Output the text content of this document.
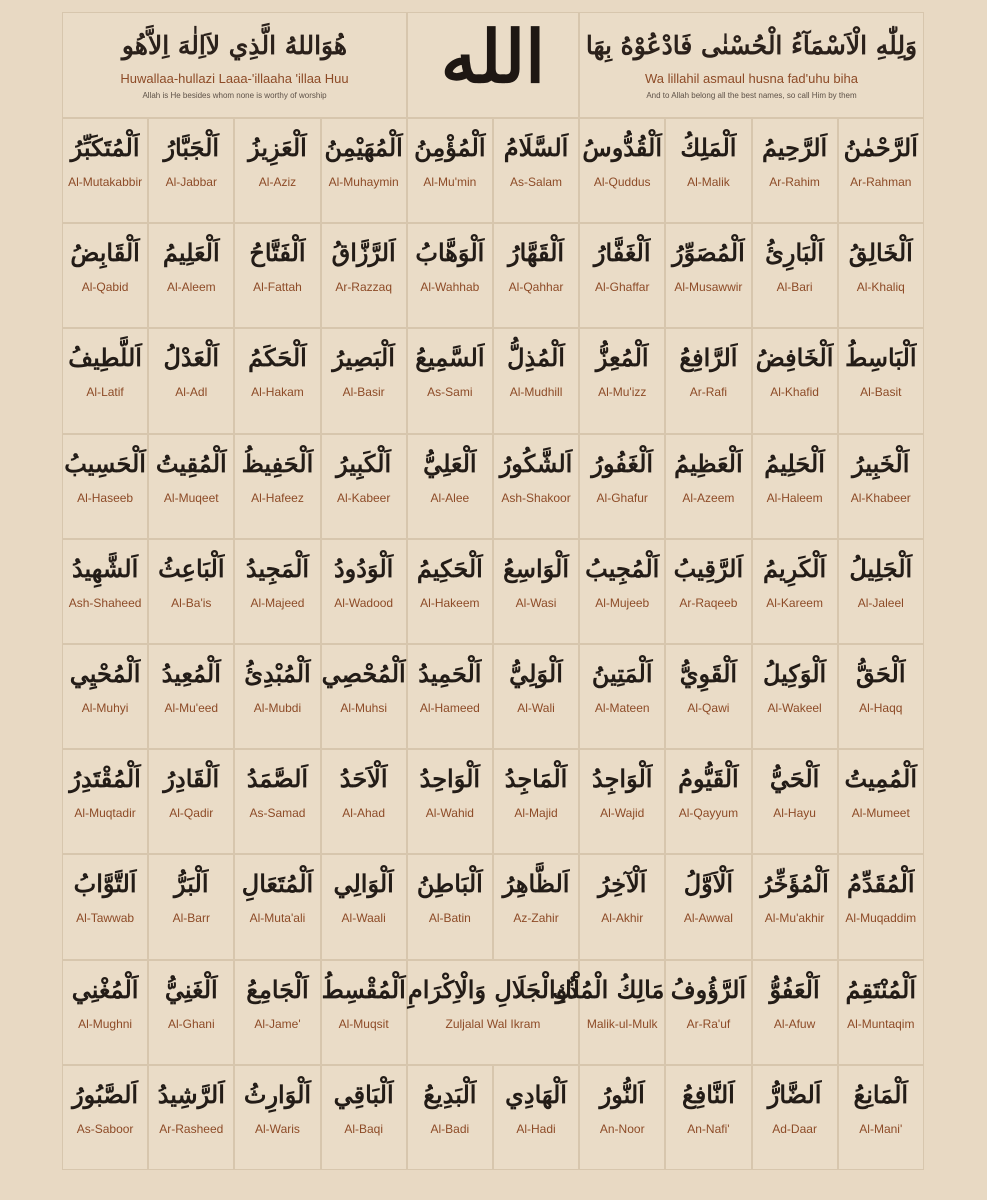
هُوَاللهُ الَّذِي لاَاِلٰهَ اِلاَّهُو
Huwallaa-hullazi Laaa-'illaaha 'illaa Huu
Allah is He besides whom none is worthy of worship	الله	وَلِلّٰهِ الْاَسْمَآءُ الْحُسْنٰى فَادْعُوْهُ بِهَا
Wa lillahil asmaul husna fad'uhu biha
And to Allah belong all the best names, so call Him by them
اَلْمُتَكَبِّرُ
Al-Mutakabbir
اَلْجَبَّارُ
Al-Jabbar
اَلْعَزِيزُ
Al-Aziz
اَلْمُهَيْمِنُ
Al-Muhaymin
اَلْمُؤْمِنُ
Al-Mu'min
اَلسَّلَامُ
As-Salam
اَلْقُدُّوسُ
Al-Quddus
اَلْمَلِكُ
Al-Malik
اَلرَّحِيمُ
Ar-Rahim
اَلرَّحْمٰنُ
Ar-Rahman
اَلْقَابِضُ
Al-Qabid
اَلْعَلِيمُ
Al-Aleem
اَلْفَتَّاحُ
Al-Fattah
اَلرَّزَّاقُ
Ar-Razzaq
اَلْوَهَّابُ
Al-Wahhab
اَلْقَهَّارُ
Al-Qahhar
اَلْغَفَّارُ
Al-Ghaffar
اَلْمُصَوِّرُ
Al-Musawwir
اَلْبَارِئُ
Al-Bari
اَلْخَالِقُ
Al-Khaliq
اَللَّطِيفُ
Al-Latif
اَلْعَدْلُ
Al-Adl
اَلْحَكَمُ
Al-Hakam
اَلْبَصِيرُ
Al-Basir
اَلسَّمِيعُ
As-Sami
اَلْمُذِلُّ
Al-Mudhill
اَلْمُعِزُّ
Al-Mu'izz
اَلرَّافِعُ
Ar-Rafi
اَلْخَافِضُ
Al-Khafid
اَلْبَاسِطُ
Al-Basit
اَلْحَسِيبُ
Al-Haseeb
اَلْمُقِيتُ
Al-Muqeet
اَلْحَفِيظُ
Al-Hafeez
اَلْكَبِيرُ
Al-Kabeer
اَلْعَلِيُّ
Al-Alee
اَلشَّكُورُ
Ash-Shakoor
اَلْغَفُورُ
Al-Ghafur
اَلْعَظِيمُ
Al-Azeem
اَلْحَلِيمُ
Al-Haleem
اَلْخَبِيرُ
Al-Khabeer
اَلشَّهِيدُ
Ash-Shaheed
اَلْبَاعِثُ
Al-Ba'is
اَلْمَجِيدُ
Al-Majeed
اَلْوَدُودُ
Al-Wadood
اَلْحَكِيمُ
Al-Hakeem
اَلْوَاسِعُ
Al-Wasi
اَلْمُجِيبُ
Al-Mujeeb
اَلرَّقِيبُ
Ar-Raqeeb
اَلْكَرِيمُ
Al-Kareem
اَلْجَلِيلُ
Al-Jaleel
اَلْمُحْيِي
Al-Muhyi
اَلْمُعِيدُ
Al-Mu'eed
اَلْمُبْدِئُ
Al-Mubdi
اَلْمُحْصِي
Al-Muhsi
اَلْحَمِيدُ
Al-Hameed
اَلْوَلِيُّ
Al-Wali
اَلْمَتِينُ
Al-Mateen
اَلْقَوِيُّ
Al-Qawi
اَلْوَكِيلُ
Al-Wakeel
اَلْحَقُّ
Al-Haqq
اَلْمُقْتَدِرُ
Al-Muqtadir
اَلْقَادِرُ
Al-Qadir
اَلصَّمَدُ
As-Samad
اَلْاَحَدُ
Al-Ahad
اَلْوَاحِدُ
Al-Wahid
اَلْمَاجِدُ
Al-Majid
اَلْوَاجِدُ
Al-Wajid
اَلْقَيُّومُ
Al-Qayyum
اَلْحَيُّ
Al-Hayu
اَلْمُمِيتُ
Al-Mumeet
اَلتَّوَّابُ
Al-Tawwab
اَلْبَرُّ
Al-Barr
اَلْمُتَعَالِ
Al-Muta'ali
اَلْوَالِي
Al-Waali
اَلْبَاطِنُ
Al-Batin
اَلظَّاهِرُ
Az-Zahir
اَلْآخِرُ
Al-Akhir
اَلْاَوَّلُ
Al-Awwal
اَلْمُؤَخِّرُ
Al-Mu'akhir
اَلْمُقَدِّمُ
Al-Muqaddim
اَلْمُغْنِي
Al-Mughni
اَلْغَنِيُّ
Al-Ghani
اَلْجَامِعُ
Al-Jame'
اَلْمُقْسِطُ
Al-Muqsit
ذُوالْجَلَالِ وَالْاِكْرَامِ
Zuljalal Wal Ikram
مَالِكُ الْمُلْكِ
Malik-ul-Mulk
اَلرَّؤُوفُ
Ar-Ra'uf
اَلْعَفُوُّ
Al-Afuw
اَلْمُنْتَقِمُ
Al-Muntaqim
اَلصَّبُورُ
As-Saboor
اَلرَّشِيدُ
Ar-Rasheed
اَلْوَارِثُ
Al-Waris
اَلْبَاقِي
Al-Baqi
اَلْبَدِيعُ
Al-Badi
اَلْهَادِي
Al-Hadi
اَلنُّورُ
An-Noor
اَلنَّافِعُ
An-Nafi'
اَلضَّارُّ
Ad-Daar
اَلْمَانِعُ
Al-Mani'
